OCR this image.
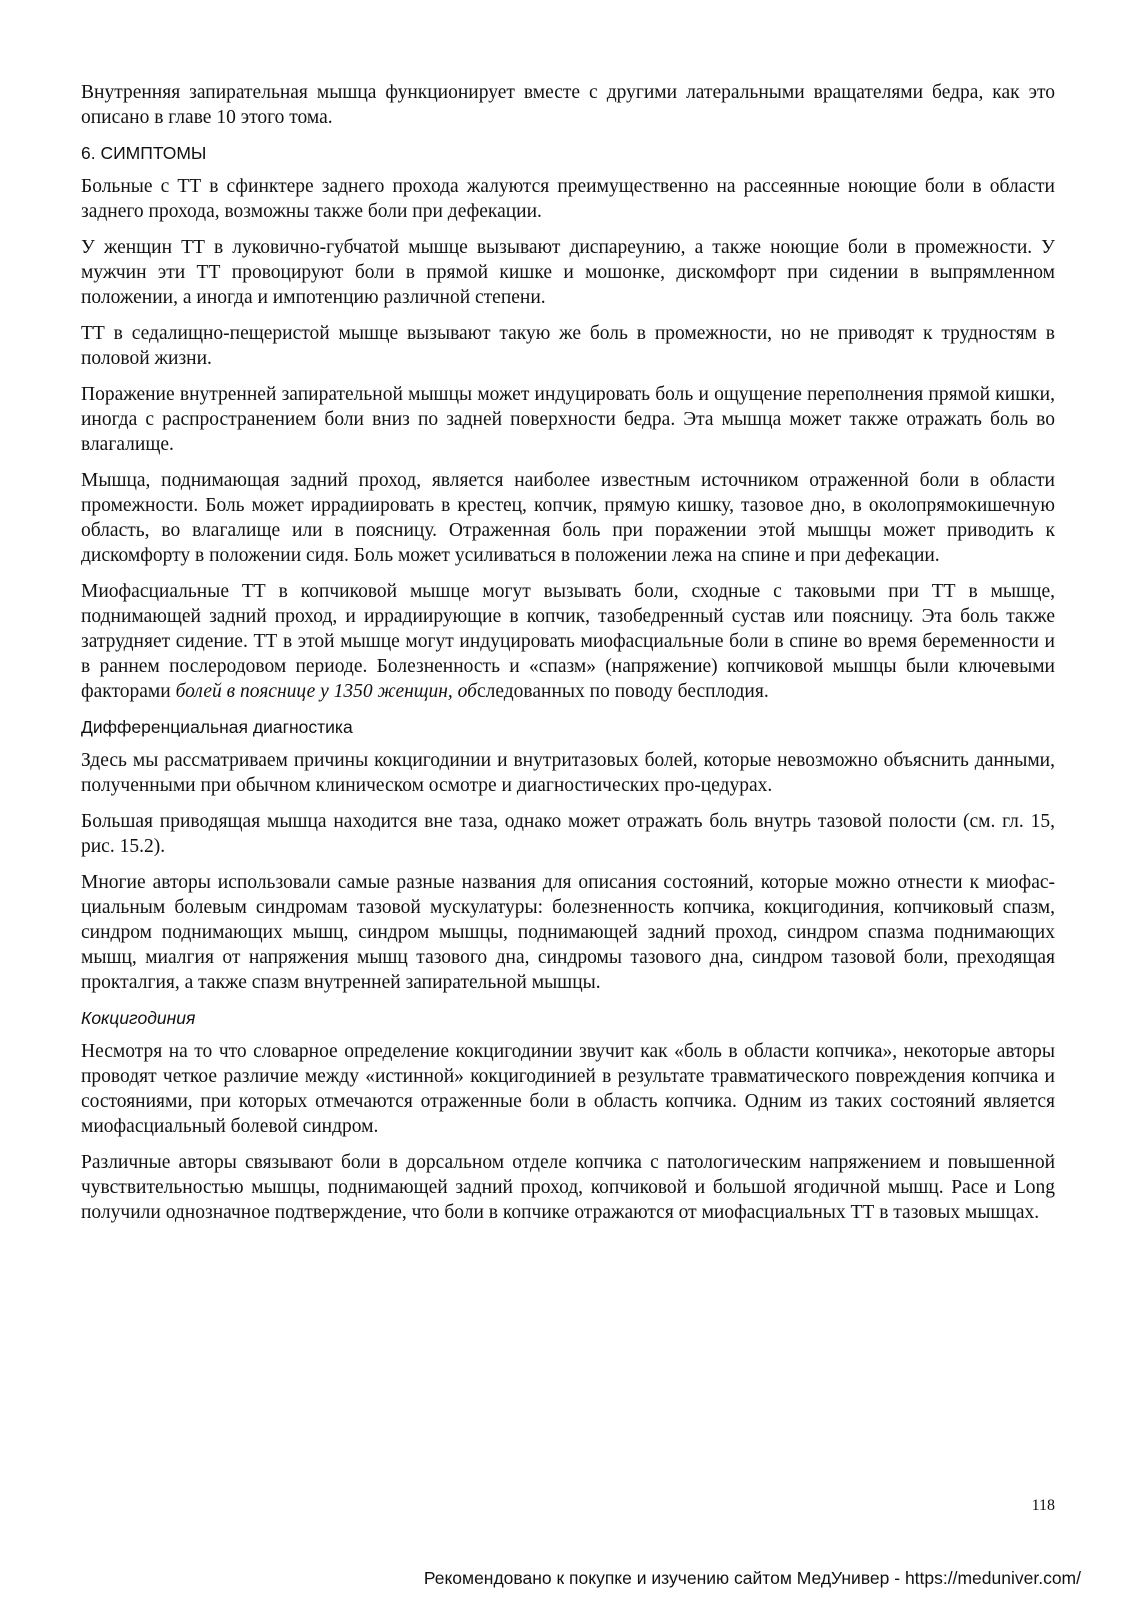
Внутренняя запирательная мышца функционирует вместе с другими латеральными вращателями бедра, как это описано в главе 10 этого тома.

6. СИМПТОМЫ

Больные с ТТ в сфинктере заднего прохода жалуются преимущественно на рассеянные ноющие боли в области заднего прохода, возможны также боли при дефекации.

У женщин ТТ в луковично-губчатой мышце вызывают диспареунию, а также ноющие боли в промежности. У мужчин эти ТТ провоцируют боли в прямой кишке и мошонке, дискомфорт при сидении в выпрямленном положении, а иногда и импотенцию различной степени.

ТТ в седалищно-пещеристой мышце вызывают такую же боль в промежности, но не приводят к трудностям в половой жизни.

Поражение внутренней запирательной мышцы может индуцировать боль и ощущение переполнения прямой кишки, иногда с распространением боли вниз по задней поверхности бедра. Эта мышца может также отражать боль во влагалище.

Мышца, поднимающая задний проход, является наиболее известным источником отраженной боли в области промежности. Боль может иррадиировать в крестец, копчик, прямую кишку, тазовое дно, в околопрямокишечную область, во влагалище или в поясницу. Отраженная боль при поражении этой мышцы может приводить к дискомфорту в положении сидя. Боль может усиливаться в положении лежа на спине и при дефекации.

Миофасциальные ТТ в копчиковой мышце могут вызывать боли, сходные с таковыми при ТТ в мышце, поднимающей задний проход, и иррадиирующие в копчик, тазобедренный сустав или поясницу. Эта боль также затрудняет сидение. ТТ в этой мышце могут индуцировать миофасциальные боли в спине во время беременности и в раннем послеродовом периоде. Болезненность и «спазм» (напряжение) копчиковой мышцы были ключевыми факторами болей в пояснице у 1350 женщин, обследованных по поводу бесплодия.

Дифференциальная диагностика

Здесь мы рассматриваем причины кокцигодинии и внутритазовых болей, которые невозможно объяснить данными, полученными при обычном клиническом осмотре и диагностических про-цедурах.

Большая приводящая мышца находится вне таза, однако может отражать боль внутрь тазовой полости (см. гл. 15, рис. 15.2).

Многие авторы использовали самые разные названия для описания состояний, которые можно отнести к миофас-циальным болевым синдромам тазовой мускулатуры: болезненность копчика, кокцигодиния, копчиковый спазм, синдром поднимающих мышц, синдром мышцы, поднимающей задний проход, синдром спазма поднимающих мышц, миалгия от напряжения мышц тазового дна, синдромы тазового дна, синдром тазовой боли, преходящая прокталгия, а также спазм внутренней запирательной мышцы.

Кокцигодиния

Несмотря на то что словарное определение кокцигодинии звучит как «боль в области копчика», некоторые авторы проводят четкое различие между «истинной» кокцигодинией в результате травматического повреждения копчика и состояниями, при которых отмечаются отраженные боли в область копчика. Одним из таких состояний является миофасциальный болевой синдром.

Различные авторы связывают боли в дорсальном отделе копчика с патологическим напряжением и повышенной чувствительностью мышцы, поднимающей задний проход, копчиковой и большой ягодичной мышц. Pace и Long получили однозначное подтверждение, что боли в копчике отражаются от миофасциальных ТТ в тазовых мышцах.

118
Рекомендовано к покупке и изучению сайтом МедУнивер - https://meduniver.com/
